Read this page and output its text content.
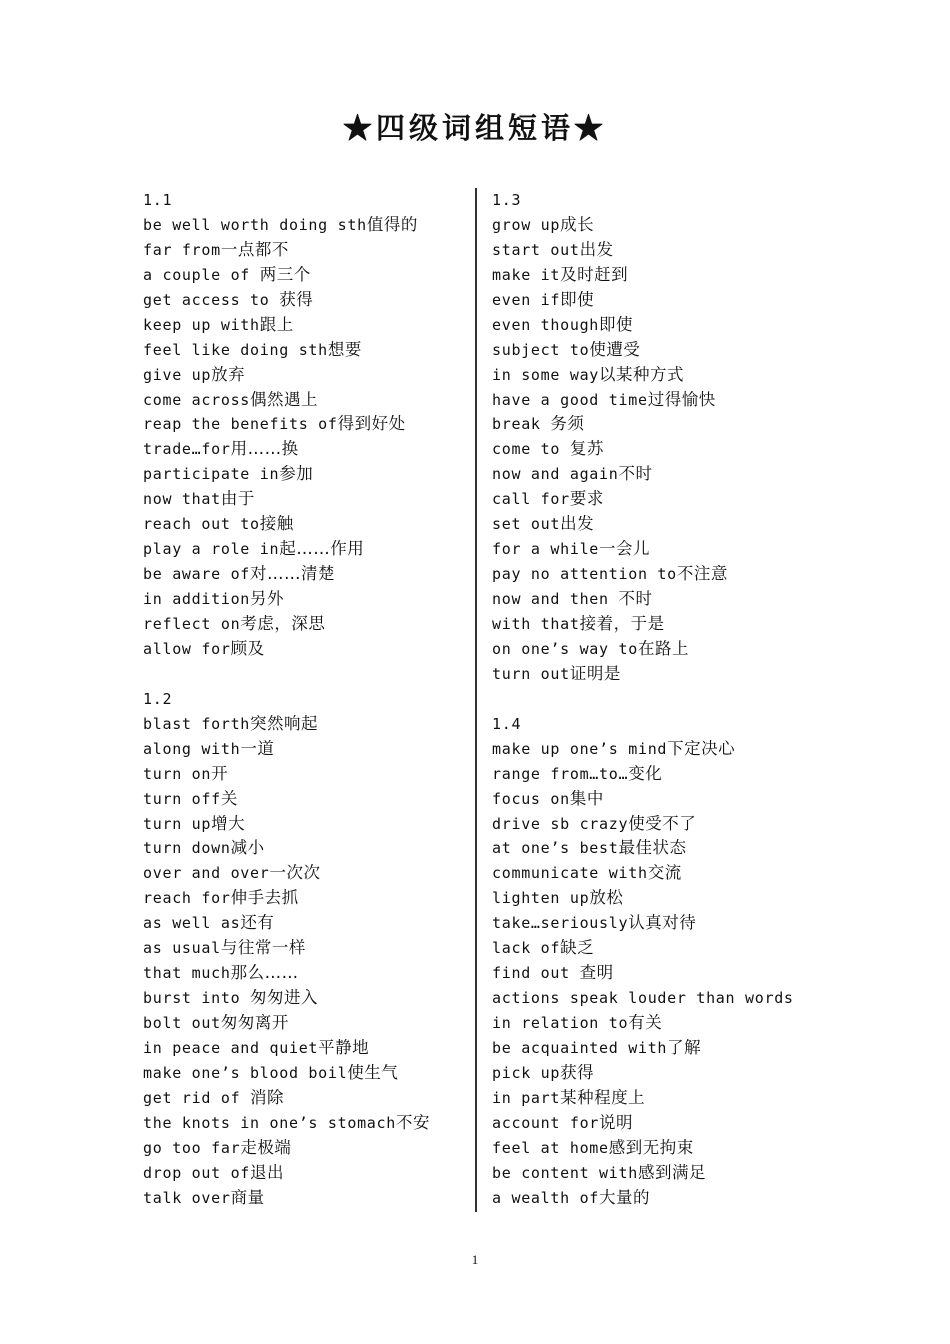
★四级词组短语★
1.1
be well worth doing sth值得的
far from一点都不
a couple of 两三个
get access to 获得
keep up with跟上
feel like doing sth想要
give up放弃
come across偶然遇上
reap the benefits of得到好处
trade…for用……换
participate in参加
now that由于
reach out to接触
play a role in起……作用
be aware of对……清楚
in addition另外
reflect on考虑，深思
allow for顾及
1.2
blast forth突然响起
along with一道
turn on开
turn off关
turn up增大
turn down减小
over and over一次次
reach for伸手去抓
as well as还有
as usual与往常一样
that much那么……
burst into 匆匆进入
bolt out匆匆离开
in peace and quiet平静地
make one’s blood boil使生气
get rid of 消除
the knots in one’s stomach不安
go too far走极端
drop out of退出
talk over商量
1.3
grow up成长
start out出发
make it及时赶到
even if即使
even though即使
subject to使遭受
in some way以某种方式
have a good time过得愉快
break 务须
come to 复苏
now and again不时
call for要求
set out出发
for a while一会儿
pay no attention to不注意
now and then 不时
with that接着，于是
on one’s way to在路上
turn out证明是
1.4
make up one’s mind下定决心
range from…to…变化
focus on集中
drive sb crazy使受不了
at one’s best最佳状态
communicate with交流
lighten up放松
take…seriously认真对待
lack of缺乏
find out 查明
actions speak louder than words
in relation to有关
be acquainted with了解
pick up获得
in part某种程度上
account for说明
feel at home感到无拘束
be content with感到满足
a wealth of大量的
1
